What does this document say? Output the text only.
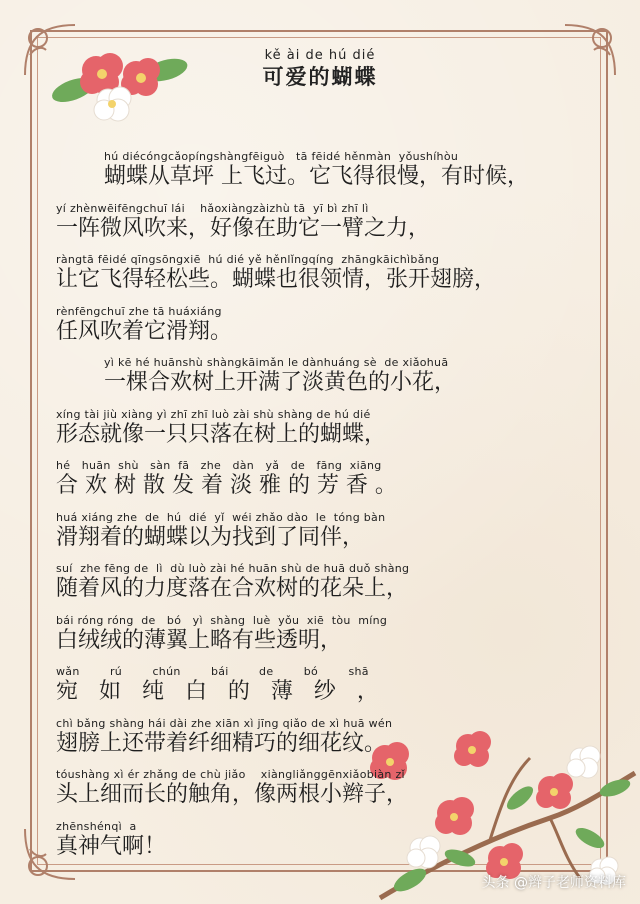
kě ài de hú dié
可爱的蝴蝶
hú diécóngcǎopíngshàngfēiguò   tā fēidé hěnmàn  yǒushíhòu
蝴蝶从草坪 上飞过。它飞得很慢，有时候，
yí zhènwēifēngchuī lái    hǎoxiàngzàizhù tā  yī bì zhī lì
一阵微风吹来，好像在助它一臂之力，
ràngtā fēidé qīngsōngxiē  hú dié yě hěnlǐngqíng  zhāngkāichìbǎng
让它飞得轻松些。蝴蝶也很领情，张开翅膀，
rènfēngchuī zhe tā huáxiáng
任风吹着它滑翔。
yì kē hé huānshù shàngkāimǎn le dànhuáng sè  de xiǎohuā
一棵合欢树上开满了淡黄色的小花，
xíng tài jiù xiàng yì zhī zhī luò zài shù shàng de hú dié
形态就像一只只落在树上的蝴蝶，
hé   huān  shù   sàn  fā   zhe   dàn   yǎ   de   fāng  xiāng
合 欢 树 散 发 着 淡 雅 的 芳 香 。
huá xiáng zhe  de  hú  dié  yǐ  wéi zhǎo dào  le  tóng bàn
滑翔着的蝴蝶以为找到了同伴，
suí  zhe fēng de  lì  dù luò zài hé huān shù de huā duǒ shàng
随着风的力度落在合欢树的花朵上，
bái róng róng  de   bó   yì  shàng  luè  yǒu  xiē  tòu  míng
白绒绒的薄翼上略有些透明，
wǎn        rú        chún        bái        de        bó        shā
宛   如   纯   白   的   薄   纱   ，
chì bǎng shàng hái dài zhe xiān xì jīng qiǎo de xì huā wén
翅膀上还带着纤细精巧的细花纹。
tóushàng xì ér zhǎng de chù jiǎo    xiàngliǎnggēnxiǎobiàn zǐ
头上细而长的触角，像两根小辫子，
zhēnshénqì  a
真神气啊！
头条 @辫子老师资料库
